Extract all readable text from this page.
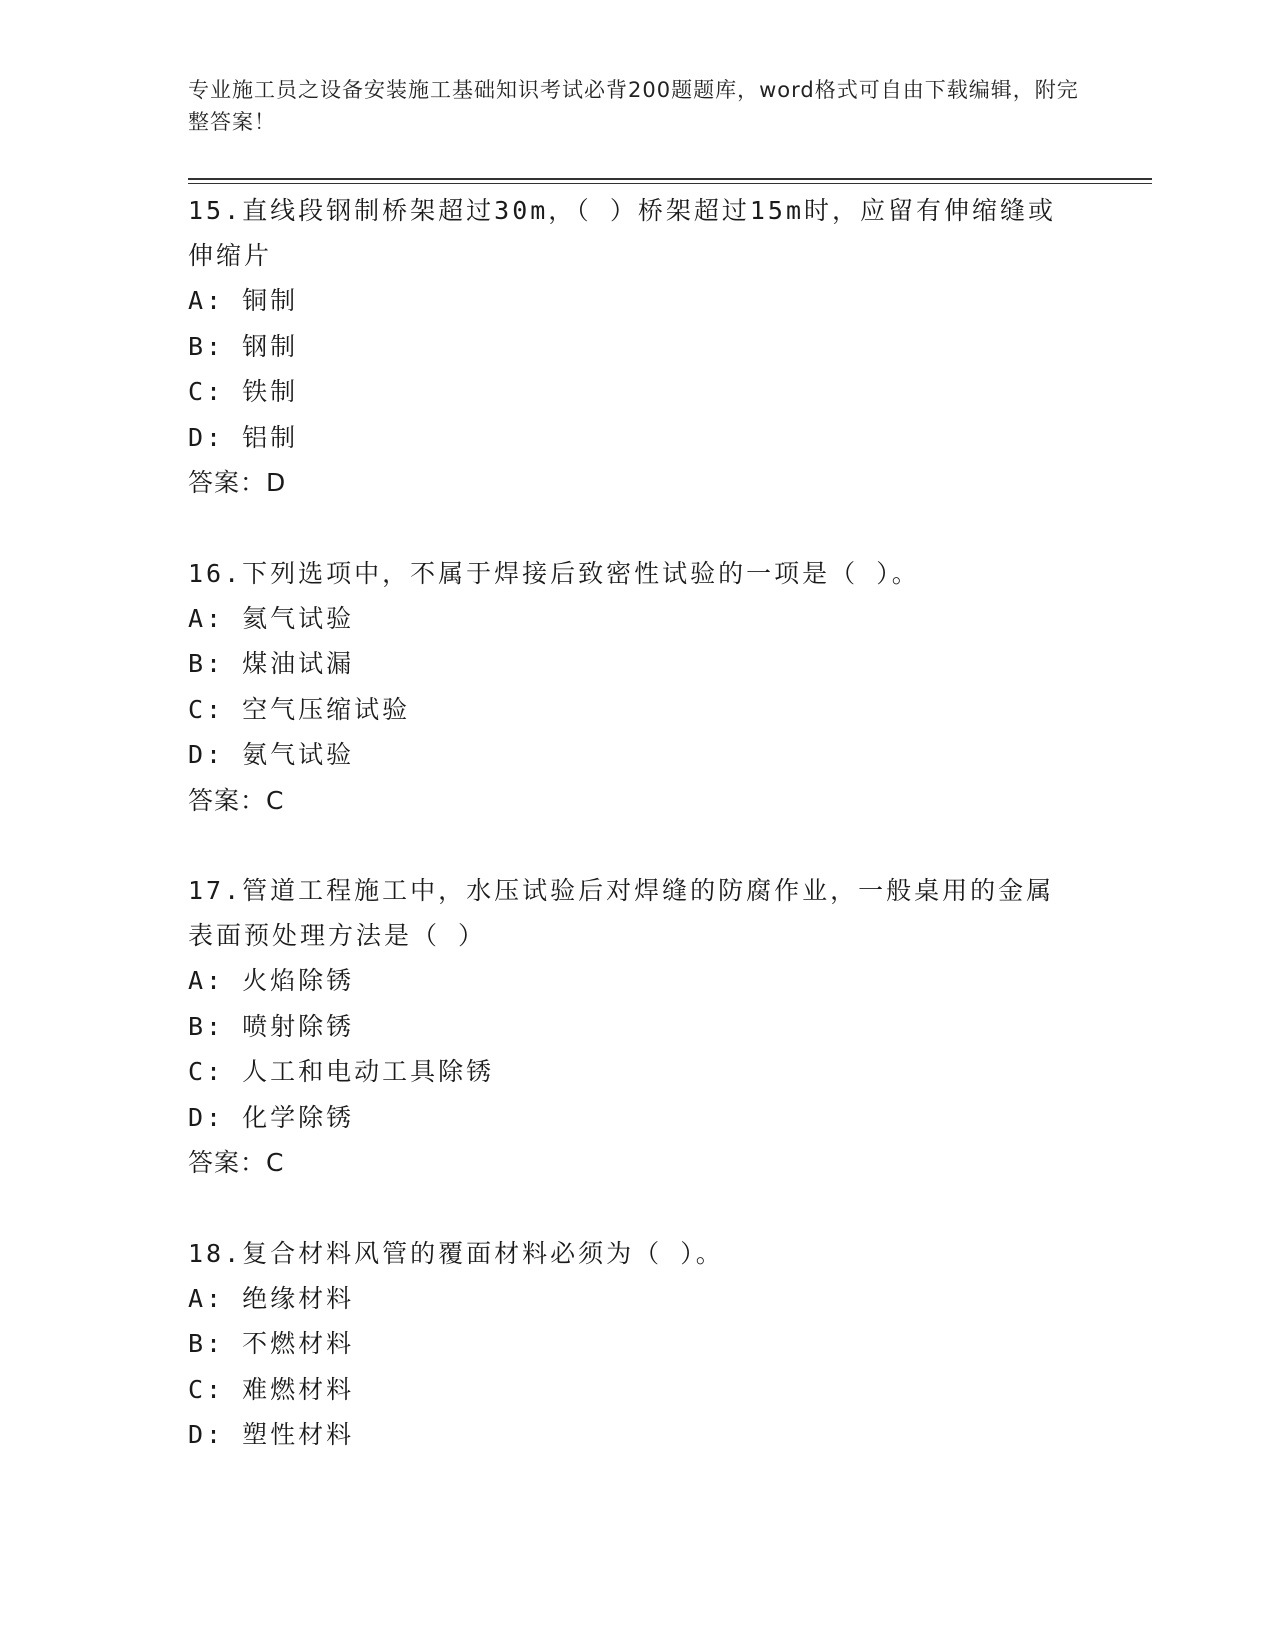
专业施工员之设备安装施工基础知识考试必背200题题库，word格式可自由下载编辑，附完整答案！

15.直线段钢制桥架超过30m，（ ）桥架超过15m时，应留有伸缩缝或

伸缩片

A: 铜制

B: 钢制

C: 铁制

D: 铝制

答案：D

16.下列选项中，不属于焊接后致密性试验的一项是（ ）。

A: 氦气试验

B: 煤油试漏

C: 空气压缩试验

D: 氨气试验

答案：C

17.管道工程施工中，水压试验后对焊缝的防腐作业，一般桌用的金属

表面预处理方法是（ ）

A: 火焰除锈

B: 喷射除锈

C: 人工和电动工具除锈

D: 化学除锈

答案：C

18.复合材料风管的覆面材料必须为（ ）。

A: 绝缘材料

B: 不燃材料

C: 难燃材料

D: 塑性材料
